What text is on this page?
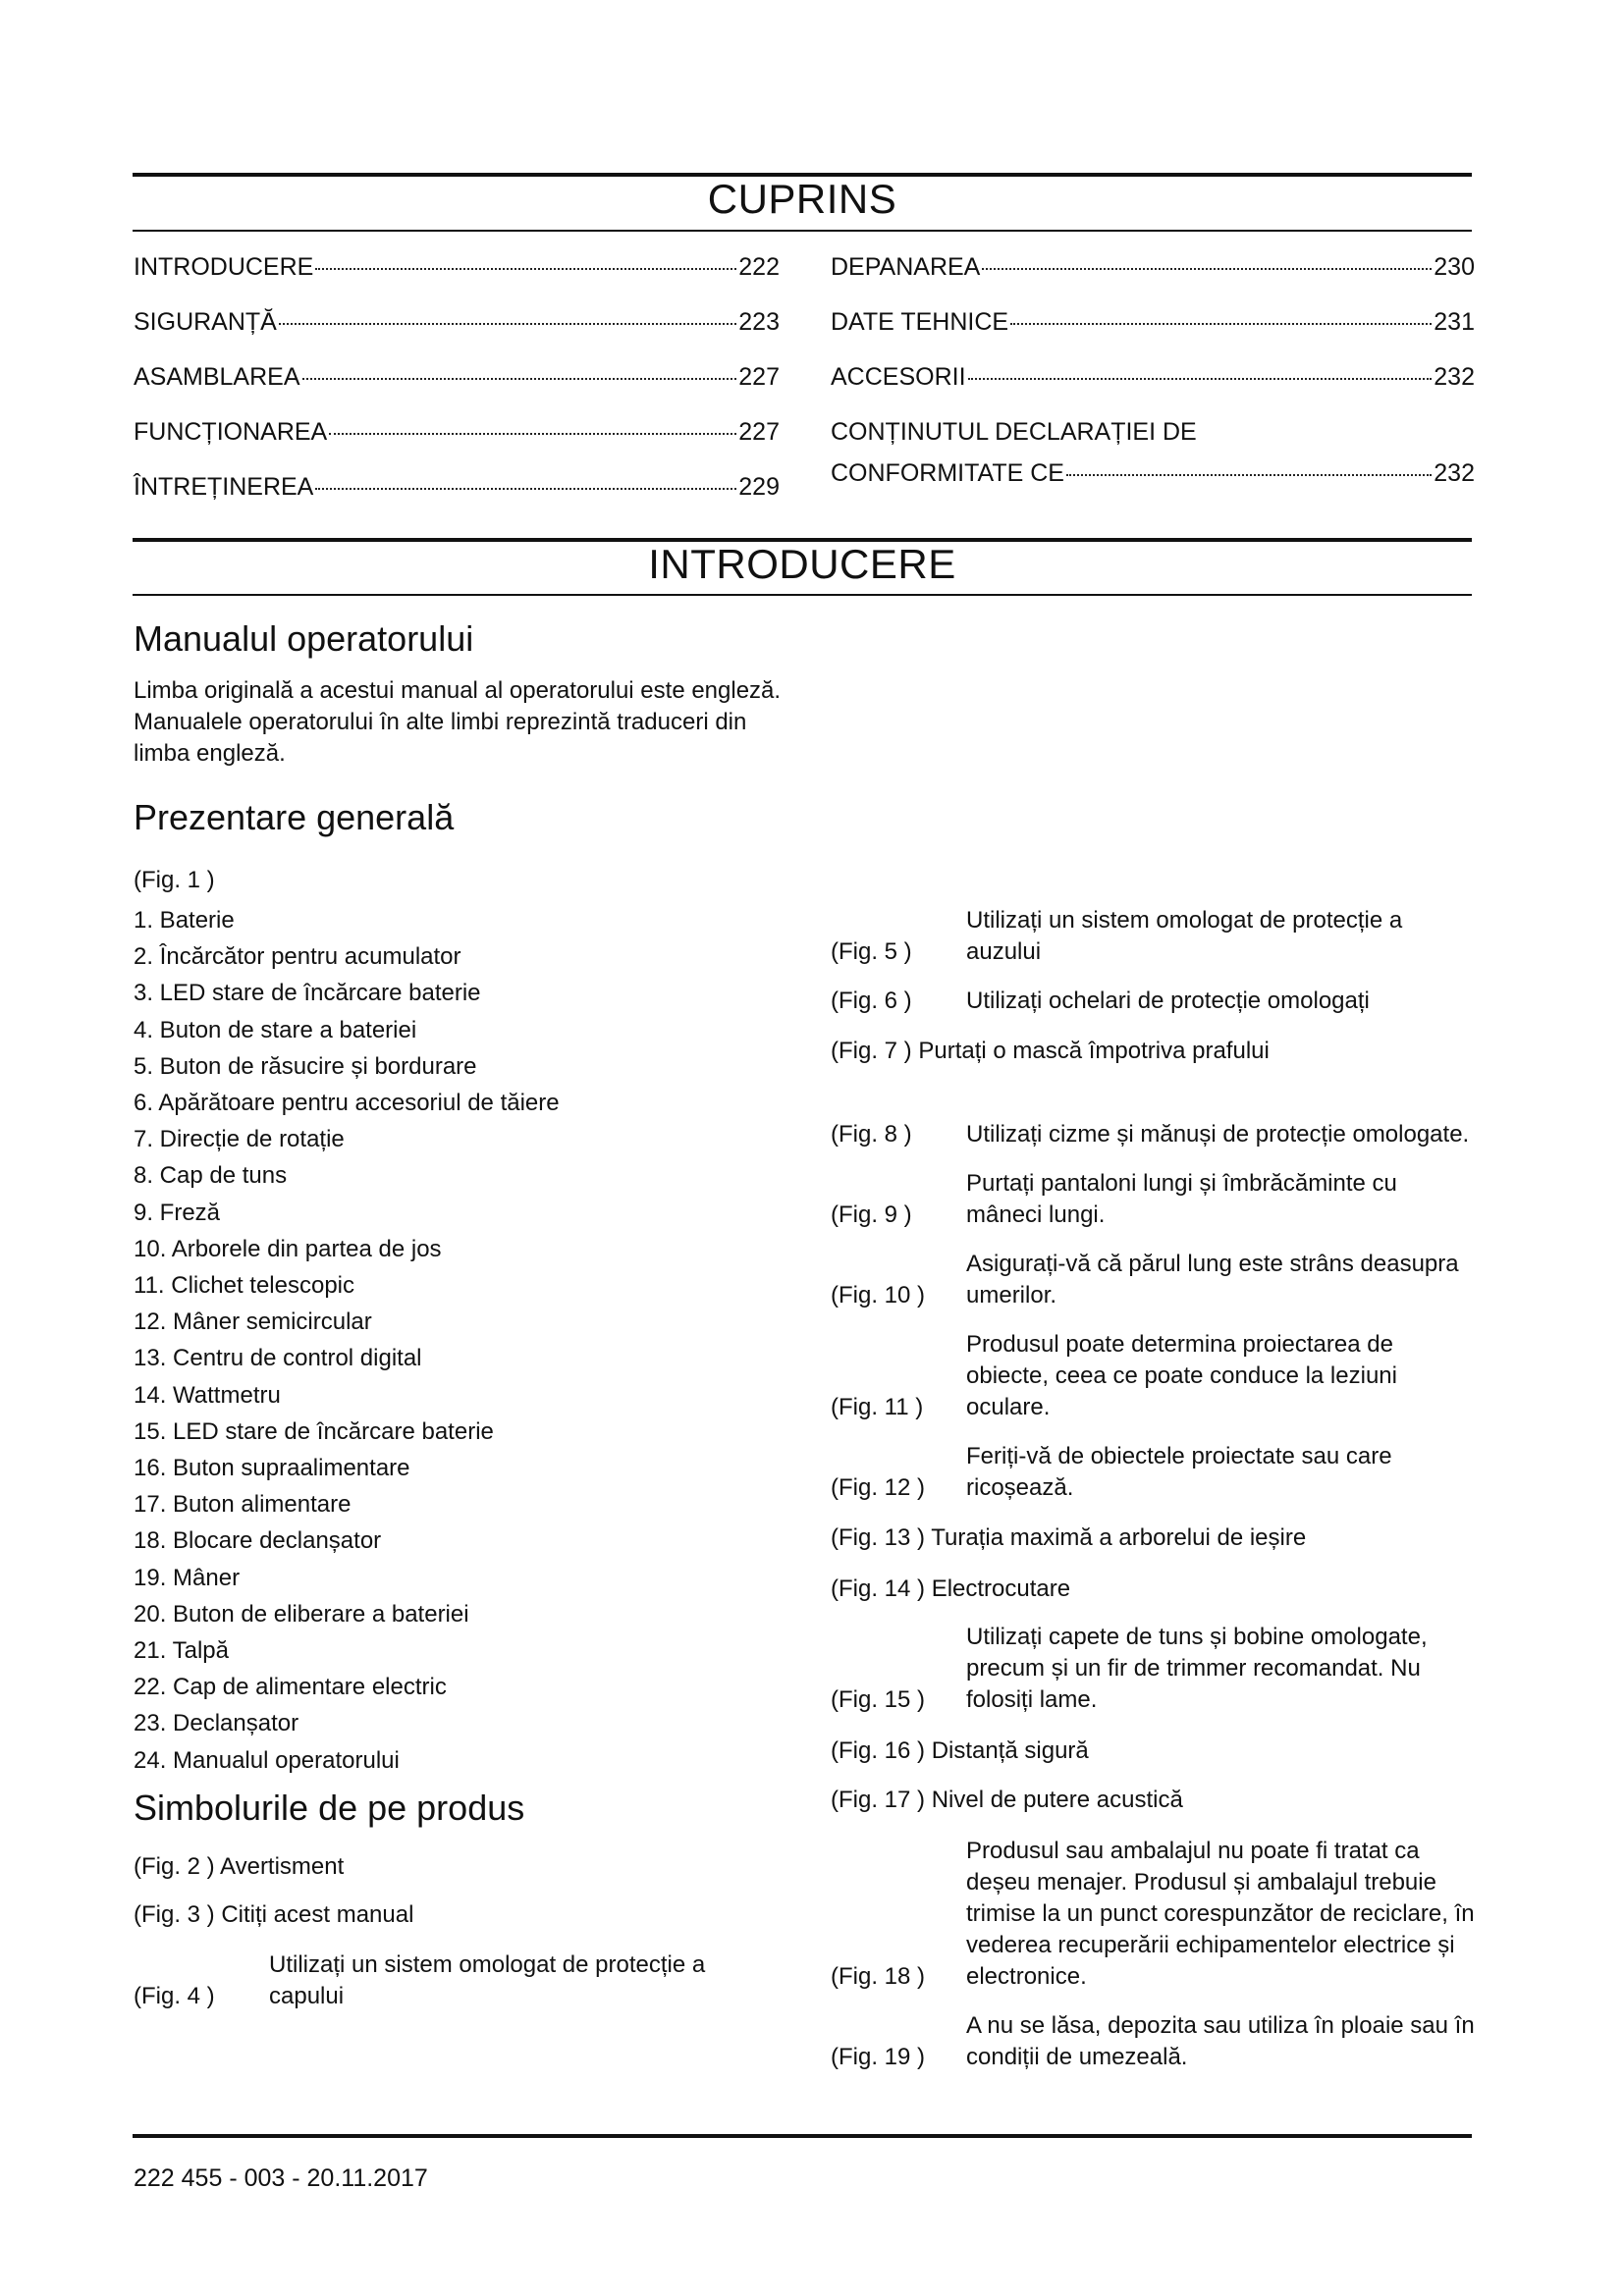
CUPRINS
INTRODUCERE	222
SIGURANȚĂ	223
ASAMBLAREA	227
FUNCȚIONAREA	227
ÎNTREȚINEREA	229
DEPANAREA	230
DATE TEHNICE	231
ACCESORII	232
CONȚINUTUL DECLARAȚIEI DE
CONFORMITATE CE	232
INTRODUCERE
Manualul operatorului
Limba originală a acestui manual al operatorului este engleză. Manualele operatorului în alte limbi reprezintă traduceri din limba engleză.
Prezentare generală
(Fig. 1 )
1. Baterie
2. Încărcător pentru acumulator
3. LED stare de încărcare baterie
4. Buton de stare a bateriei
5. Buton de răsucire și bordurare
6. Apărătoare pentru accesoriul de tăiere
7. Direcție de rotație
8. Cap de tuns
9. Freză
10. Arborele din partea de jos
11. Clichet telescopic
12. Mâner semicircular
13. Centru de control digital
14. Wattmetru
15. LED stare de încărcare baterie
16. Buton supraalimentare
17. Buton alimentare
18. Blocare declanșator
19. Mâner
20. Buton de eliberare a bateriei
21. Talpă
22. Cap de alimentare electric
23. Declanșator
24. Manualul operatorului
Simbolurile de pe produs
(Fig. 2 ) Avertisment
(Fig. 3 ) Citiți acest manual
(Fig. 4 )
Utilizați un sistem omologat de protecție a capului
(Fig. 5 )
Utilizați un sistem omologat de protecție a auzului
(Fig. 6 ) Utilizați ochelari de protecție omologați
(Fig. 7 ) Purtați o mască împotriva prafului
(Fig. 8 ) Utilizați cizme și mănuși de protecție omologate.
(Fig. 9 )
Purtați pantaloni lungi și îmbrăcăminte cu mâneci lungi.
(Fig. 10 )
Asigurați-vă că părul lung este strâns deasupra umerilor.
(Fig. 11 )
Produsul poate determina proiectarea de obiecte, ceea ce poate conduce la leziuni oculare.
(Fig. 12 )
Feriți-vă de obiectele proiectate sau care ricoșează.
(Fig. 13 ) Turația maximă a arborelui de ieșire
(Fig. 14 ) Electrocutare
(Fig. 15 )
Utilizați capete de tuns și bobine omologate, precum și un fir de trimmer recomandat. Nu folosiți lame.
(Fig. 16 ) Distanță sigură
(Fig. 17 ) Nivel de putere acustică
(Fig. 18 )
Produsul sau ambalajul nu poate fi tratat ca deșeu menajer. Produsul și ambalajul trebuie trimise la un punct corespunzător de reciclare, în vederea recuperării echipamentelor electrice și electronice.
(Fig. 19 )
A nu se lăsa, depozita sau utiliza în ploaie sau în condiții de umezeală.
222 455 - 003 - 20.11.2017
